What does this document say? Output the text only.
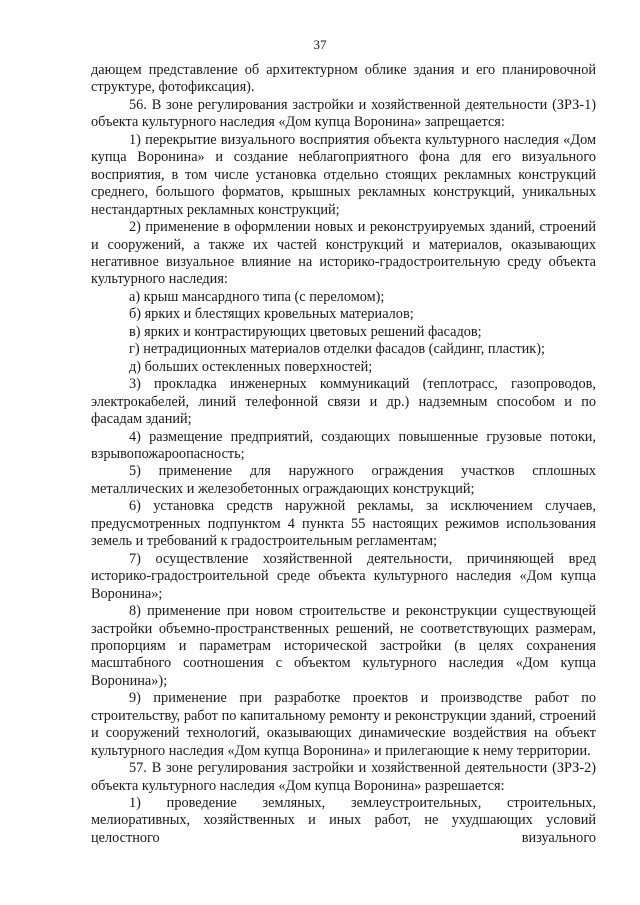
37

дающем представление об архитектурном облике здания и его планировочной структуре, фотофиксация).

56. В зоне регулирования застройки и хозяйственной деятельности (ЗРЗ-1) объекта культурного наследия «Дом купца Воронина» запрещается:

1) перекрытие визуального восприятия объекта культурного наследия «Дом купца Воронина» и создание неблагоприятного фона для его визуального восприятия, в том числе установка отдельно стоящих рекламных конструкций среднего, большого форматов, крышных рекламных конструкций, уникальных нестандартных рекламных конструкций;

2) применение в оформлении новых и реконструируемых зданий, строений и сооружений, а также их частей конструкций и материалов, оказывающих негативное визуальное влияние на историко-градостроительную среду объекта культурного наследия:

а) крыш мансардного типа (с переломом);

б) ярких и блестящих кровельных материалов;

в) ярких и контрастирующих цветовых решений фасадов;

г) нетрадиционных материалов отделки фасадов (сайдинг, пластик);

д) больших остекленных поверхностей;

3) прокладка инженерных коммуникаций (теплотрасс, газопроводов, электрокабелей, линий телефонной связи и др.) надземным способом и по фасадам зданий;

4) размещение предприятий, создающих повышенные грузовые потоки, взрывопожароопасность;

5) применение для наружного ограждения участков сплошных металлических и железобетонных ограждающих конструкций;

6) установка средств наружной рекламы, за исключением случаев, предусмотренных подпунктом 4 пункта 55 настоящих режимов использования земель и требований к градостроительным регламентам;

7) осуществление хозяйственной деятельности, причиняющей вред историко-градостроительной среде объекта культурного наследия «Дом купца Воронина»;

8) применение при новом строительстве и реконструкции существующей застройки объемно-пространственных решений, не соответствующих размерам, пропорциям и параметрам исторической застройки (в целях сохранения масштабного соотношения с объектом культурного наследия «Дом купца Воронина»);

9) применение при разработке проектов и производстве работ по строительству, работ по капитальному ремонту и реконструкции зданий, строений и сооружений технологий, оказывающих динамические воздействия на объект культурного наследия «Дом купца Воронина» и прилегающие к нему территории.

57. В зоне регулирования застройки и хозяйственной деятельности (ЗРЗ-2) объекта культурного наследия «Дом купца Воронина» разрешается:

1) проведение земляных, землеустроительных, строительных, мелиоративных, хозяйственных и иных работ, не ухудшающих условий целостного визуального
